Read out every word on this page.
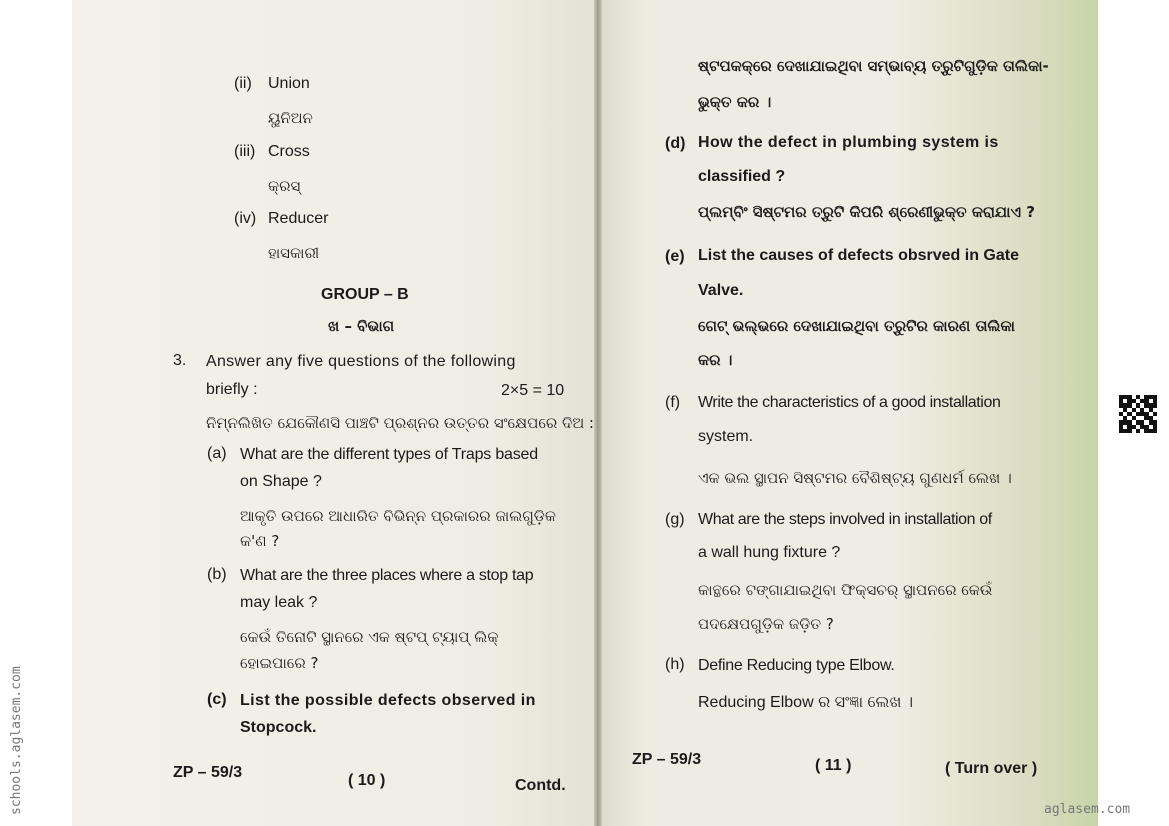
(ii) Union
ୟୁନିଅନ
(iii) Cross
କ୍ରସ୍
(iv) Reducer
ହାସକାରୀ
GROUP – B
ଖ – ବିଭାଗ
3. Answer any five questions of the following
briefly :	2×5 = 10
ନିମ୍ନଲିଖିତ ଯେକୌଣସି ପାଞ୍ଚଟି ପ୍ରଶ୍ନର ଉତ୍ତର ସଂକ୍ଷେପରେ ଦିଅ :
(a) What are the different types of Traps based
on Shape ?
ଆକୃତି ଉପରେ ଆଧାରିତ ବିଭିନ୍ନ ପ୍ରକାରର ଜାଲଗୁଡ଼ିକ
କ'ଣ ?
(b) What are the three places where a stop tap
may leak ?
କେଉଁ ତିନୋଟି ସ୍ଥାନରେ ଏକ ଷ୍ଟପ୍ ଟ୍ୟାପ୍ ଲିକ୍
ହୋଇପାରେ ?
(c) List the possible defects observed in
Stopcock.
ZP – 59/3	( 10 )	Contd.
ଷ୍ଟପକକ୍‌ରେ ଦେଖାଯାଇଥିବା ସମ୍ଭାବ୍ୟ ତ୍ରୁଟିଗୁଡ଼ିକ ତାଲିକା-
ଭୁକ୍ତ କର ।
(d) How the defect in plumbing system is
classified ?
ପ୍ଲମ୍ବିଂ ସିଷ୍ଟମର ତ୍ରୁଟି କିପରି ଶ୍ରେଣୀଭୁକ୍ତ କରାଯାଏ ?
(e) List the causes of defects obsrved in Gate
Valve.
ଗେଟ୍ ଭଲ୍‌ଭରେ ଦେଖାଯାଇଥିବା ତ୍ରୁଟିର କାରଣ ତାଲିକା
କର ।
(f) Write the characteristics of a good installation
system.
ଏକ ଭଲ ସ୍ଥାପନ ସିଷ୍ଟମର ବୈଶିଷ୍ଟ୍ୟ ଗୁଣଧର୍ମ ଲେଖ ।
(g) What are the steps involved in installation of
a wall hung fixture ?
କାନ୍ଥରେ ଟଙ୍ଗାଯାଇଥିବା ଫିକ୍ସଚର୍ ସ୍ଥାପନରେ କେଉଁ
ପଦକ୍ଷେପଗୁଡ଼ିକ ଜଡ଼ିତ ?
(h) Define Reducing type Elbow.
Reducing Elbow ର ସଂଜ୍ଞା ଲେଖ ।
ZP – 59/3	( 11 )	( Turn over )
schools.aglasem.com	aglasem.com
